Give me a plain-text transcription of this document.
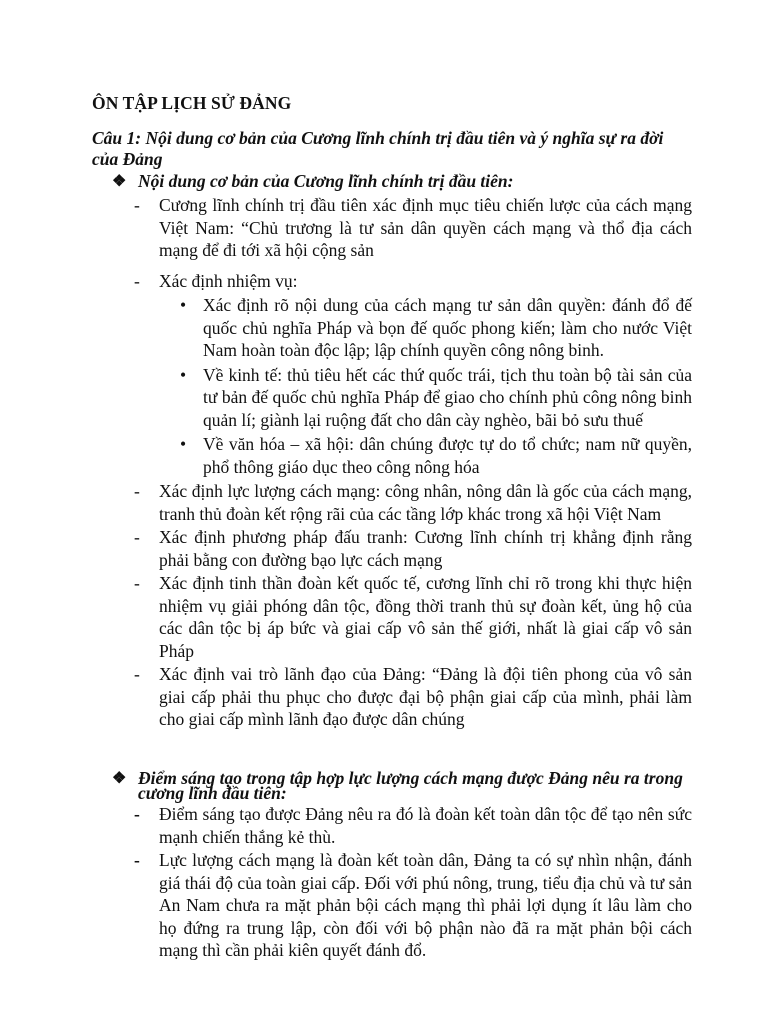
ÔN TẬP LỊCH SỬ ĐẢNG
Câu 1: Nội dung cơ bản của Cương lĩnh chính trị đầu tiên và ý nghĩa sự ra đời của Đảng
❖ Nội dung cơ bản của Cương lĩnh chính trị đầu tiên:
- Cương lĩnh chính trị đầu tiên xác định mục tiêu chiến lược của cách mạng Việt Nam: “Chủ trương là tư sản dân quyền cách mạng và thổ địa cách mạng để đi tới xã hội cộng sản
- Xác định nhiệm vụ:
• Xác định rõ nội dung của cách mạng tư sản dân quyền: đánh đổ đế quốc chủ nghĩa Pháp và bọn đế quốc phong kiến; làm cho nước Việt Nam hoàn toàn độc lập; lập chính quyền công nông binh.
• Về kinh tế: thủ tiêu hết các thứ quốc trái, tịch thu toàn bộ tài sản của tư bản đế quốc chủ nghĩa Pháp để giao cho chính phủ công nông binh quản lí; giành lại ruộng đất cho dân cày nghèo, bãi bỏ sưu thuế
• Về văn hóa – xã hội: dân chúng được tự do tổ chức; nam nữ quyền, phổ thông giáo dục theo công nông hóa
- Xác định lực lượng cách mạng: công nhân, nông dân là gốc của cách mạng, tranh thủ đoàn kết rộng rãi của các tầng lớp khác trong xã hội Việt Nam
- Xác định phương pháp đấu tranh: Cương lĩnh chính trị khẳng định rằng phải bằng con đường bạo lực cách mạng
- Xác định tinh thần đoàn kết quốc tế, cương lĩnh chỉ rõ trong khi thực hiện nhiệm vụ giải phóng dân tộc, đồng thời tranh thủ sự đoàn kết, ủng hộ của các dân tộc bị áp bức và giai cấp vô sản thế giới, nhất là giai cấp vô sản Pháp
- Xác định vai trò lãnh đạo của Đảng: “Đảng là đội tiên phong của vô sản giai cấp phải thu phục cho được đại bộ phận giai cấp của mình, phải làm cho giai cấp mình lãnh đạo được dân chúng
❖ Điểm sáng tạo trong tập hợp lực lượng cách mạng được Đảng nêu ra trong cương lĩnh đầu tiên:
- Điểm sáng tạo được Đảng nêu ra đó là đoàn kết toàn dân tộc để tạo nên sức mạnh chiến thắng kẻ thù.
- Lực lượng cách mạng là đoàn kết toàn dân, Đảng ta có sự nhìn nhận, đánh giá thái độ của toàn giai cấp. Đối với phú nông, trung, tiểu địa chủ và tư sản An Nam chưa ra mặt phản bội cách mạng thì phải lợi dụng ít lâu làm cho họ đứng ra trung lập, còn đối với bộ phận nào đã ra mặt phản bội cách mạng thì cần phải kiên quyết đánh đổ.
